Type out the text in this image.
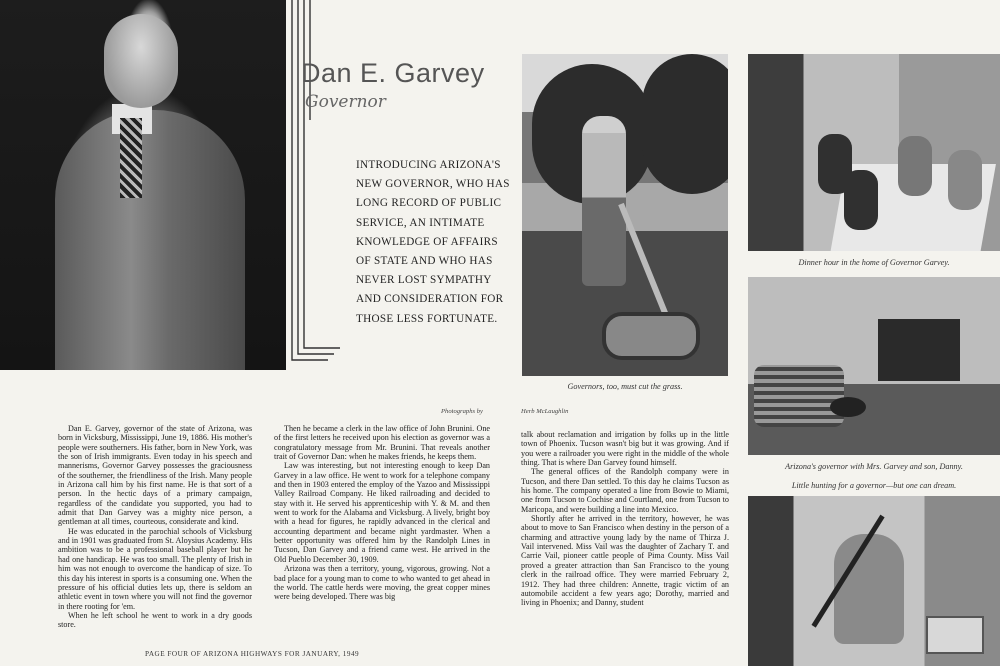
Dan E. Garvey
Governor
INTRODUCING ARIZONA'S
NEW GOVERNOR, WHO HAS
LONG RECORD OF PUBLIC
SERVICE, AN INTIMATE
KNOWLEDGE OF AFFAIRS
OF STATE AND WHO HAS
NEVER LOST SYMPATHY
AND CONSIDERATION FOR
THOSE LESS FORTUNATE.
Governors, too, must cut the grass.
Dinner hour in the home of Governor Garvey.
Arizona's governor with Mrs. Garvey and son, Danny.
Little hunting for a governor—but one can dream.
Photographs by	Herb McLaughlin

Dan E. Garvey, governor of the state of Arizona, was born in Vicksburg, Mississippi, June 19, 1886. His mother's people were southerners. His father, born in New York, was the son of Irish immigrants. Even today in his speech and mannerisms, Governor Garvey possesses the graciousness of the southerner, the friendliness of the Irish. Many people in Arizona call him by his first name. He is that sort of a person. In the hectic days of a primary campaign, regardless of the candidate you supported, you had to admit that Dan Garvey was a mighty nice person, a gentleman at all times, courteous, considerate and kind.

He was educated in the parochial schools of Vicksburg and in 1901 was graduated from St. Aloysius Academy. His ambition was to be a professional baseball player but he had one handicap. He was too small. The plenty of Irish in him was not enough to overcome the handicap of size. To this day his interest in sports is a consuming one. When the pressure of his official duties lets up, there is seldom an athletic event in town where you will not find the governor in there rooting for 'em.

When he left school he went to work in a dry goods store.

Then he became a clerk in the law office of John Brunini. One of the first letters he received upon his election as governor was a congratulatory message from Mr. Brunini. That reveals another trait of Governor Dan: when he makes friends, he keeps them.

Law was interesting, but not interesting enough to keep Dan Garvey in a law office. He went to work for a telephone company and then in 1903 entered the employ of the Yazoo and Mississippi Valley Railroad Company. He liked railroading and decided to stay with it. He served his apprenticeship with Y. & M. and then went to work for the Alabama and Vicksburg. A lively, bright boy with a head for figures, he rapidly advanced in the clerical and accounting department and became night yardmaster. When a better opportunity was offered him by the Randolph Lines in Tucson, Dan Garvey and a friend came west. He arrived in the Old Pueblo December 30, 1909.

Arizona was then a territory, young, vigorous, growing. Not a bad place for a young man to come to who wanted to get ahead in the world. The cattle herds were moving, the great copper mines were being developed. There was big

talk about reclamation and irrigation by folks up in the little town of Phoenix. Tucson wasn't big but it was growing. And if you were a railroader you were right in the middle of the whole thing. That is where Dan Garvey found himself.

The general offices of the Randolph company were in Tucson, and there Dan settled. To this day he claims Tucson as his home. The company operated a line from Bowie to Miami, one from Tucson to Cochise and Courtland, one from Tucson to Maricopa, and were building a line into Mexico.

Shortly after he arrived in the territory, however, he was about to move to San Francisco when destiny in the person of a charming and attractive young lady by the name of Thirza J. Vail intervened. Miss Vail was the daughter of Zachary T. and Carrie Vail, pioneer cattle people of Pima County. Miss Vail proved a greater attraction than San Francisco to the young clerk in the railroad office. They were married February 2, 1912. They had three children: Annette, tragic victim of an automobile accident a few years ago; Dorothy, married and living in Phoenix; and Danny, student

PAGE FOUR OF ARIZONA HIGHWAYS FOR JANUARY, 1949
